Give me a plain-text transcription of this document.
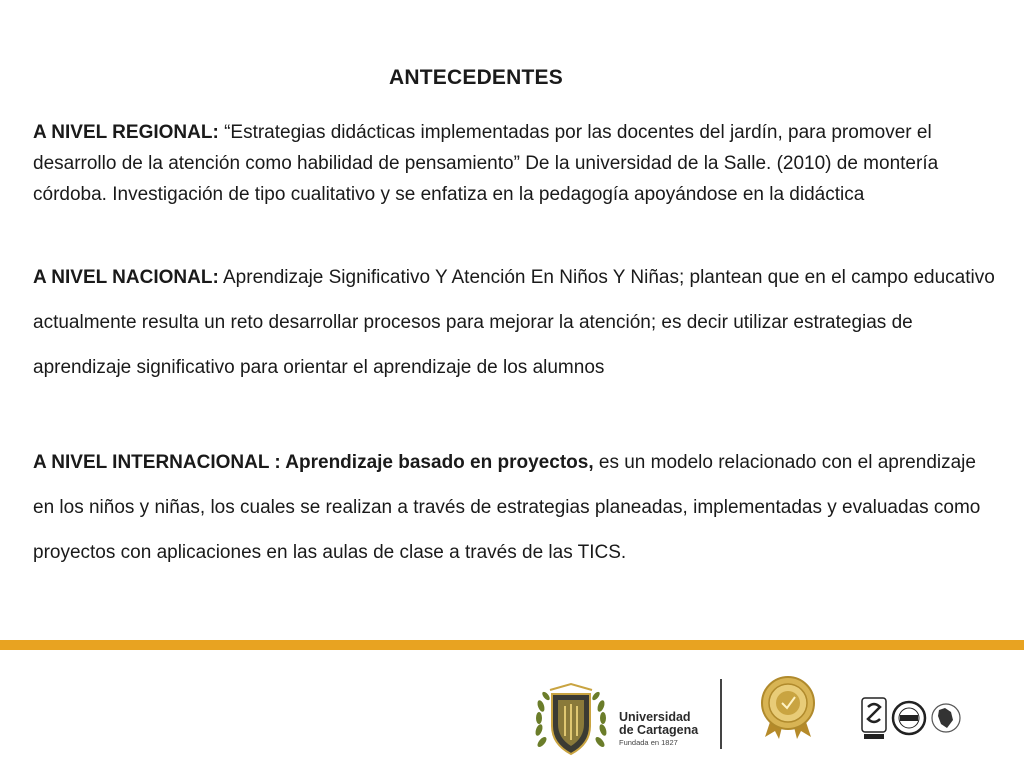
ANTECEDENTES

A NIVEL REGIONAL: “Estrategias didácticas implementadas por las docentes del jardín, para promover el desarrollo de la atención como habilidad de pensamiento” De la universidad de la Salle. (2010) de montería córdoba. Investigación de tipo cualitativo y se enfatiza en la pedagogía apoyándose en la didáctica

A NIVEL NACIONAL: Aprendizaje Significativo Y Atención En Niños Y Niñas; plantean que en el campo educativo actualmente resulta un reto desarrollar procesos para mejorar la atención; es decir utilizar estrategias de aprendizaje significativo para orientar el aprendizaje de los alumnos

A NIVEL INTERNACIONAL : Aprendizaje basado en proyectos, es un modelo relacionado con el aprendizaje en los niños y niñas, los cuales se realizan a través de estrategias planeadas, implementadas y evaluadas como proyectos con aplicaciones en las aulas de clase a través de las TICS.

Universidad
de Cartagena
Fundada en 1827
